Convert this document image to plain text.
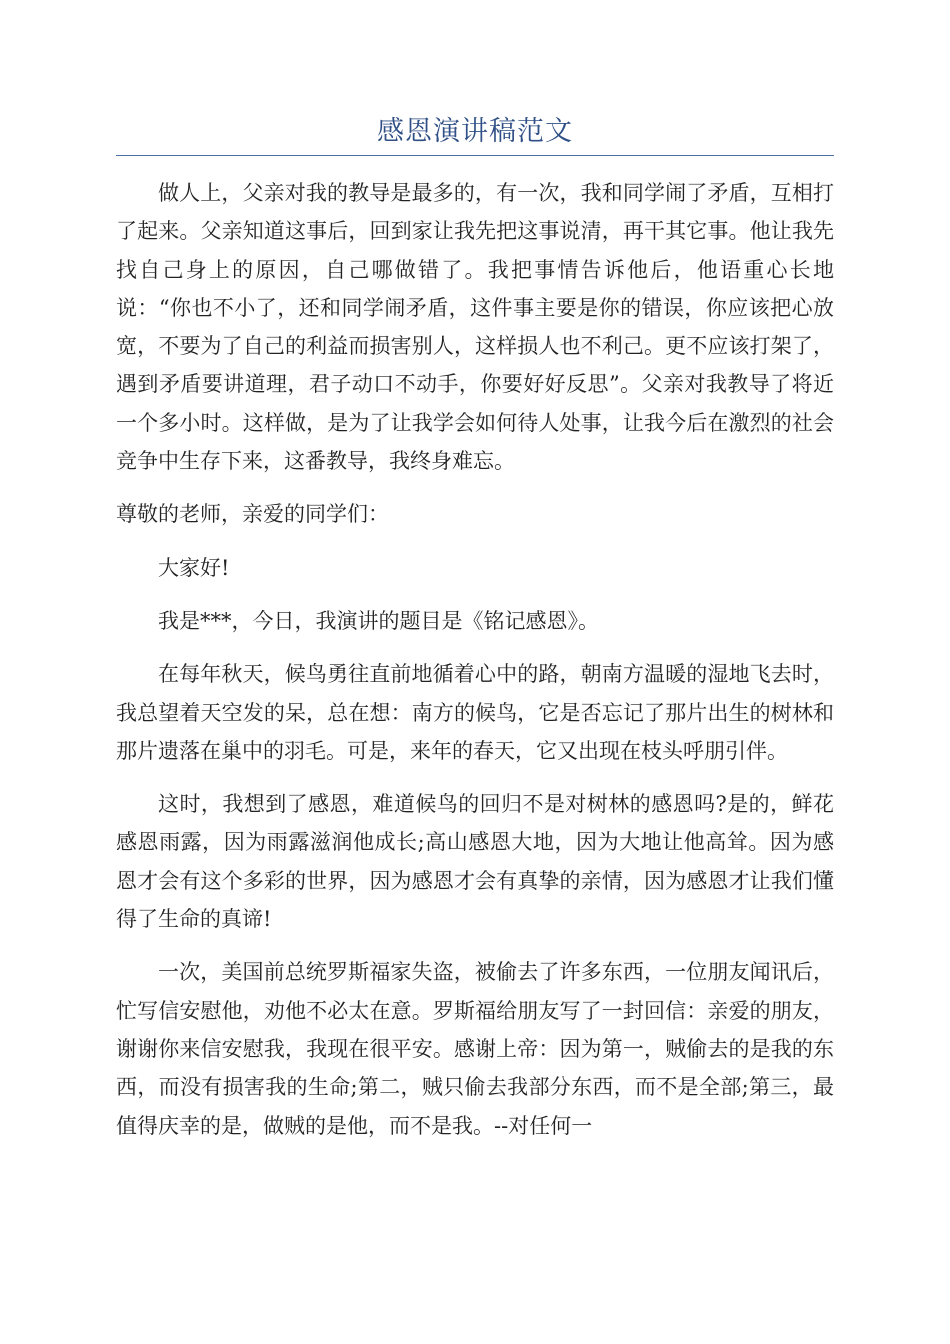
感恩演讲稿范文

做人上，父亲对我的教导是最多的，有一次，我和同学闹了矛盾，互相打了起来。父亲知道这事后，回到家让我先把这事说清，再干其它事。他让我先找自己身上的原因，自己哪做错了。我把事情告诉他后，他语重心长地说：“你也不小了，还和同学闹矛盾，这件事主要是你的错误，你应该把心放宽，不要为了自己的利益而损害别人，这样损人也不利己。更不应该打架了，遇到矛盾要讲道理，君子动口不动手，你要好好反思”。父亲对我教导了将近一个多小时。这样做，是为了让我学会如何待人处事，让我今后在激烈的社会竞争中生存下来，这番教导，我终身难忘。

尊敬的老师，亲爱的同学们：

大家好!

我是***，今日，我演讲的题目是《铭记感恩》。

在每年秋天，候鸟勇往直前地循着心中的路，朝南方温暖的湿地飞去时，我总望着天空发的呆，总在想：南方的候鸟，它是否忘记了那片出生的树林和那片遗落在巢中的羽毛。可是，来年的春天，它又出现在枝头呼朋引伴。

这时，我想到了感恩，难道候鸟的回归不是对树林的感恩吗?是的，鲜花感恩雨露，因为雨露滋润他成长;高山感恩大地，因为大地让他高耸。因为感恩才会有这个多彩的世界，因为感恩才会有真挚的亲情，因为感恩才让我们懂得了生命的真谛!

一次，美国前总统罗斯福家失盗，被偷去了许多东西，一位朋友闻讯后，忙写信安慰他，劝他不必太在意。罗斯福给朋友写了一封回信：亲爱的朋友，谢谢你来信安慰我，我现在很平安。感谢上帝：因为第一，贼偷去的是我的东西，而没有损害我的生命;第二，贼只偷去我部分东西，而不是全部;第三，最值得庆幸的是，做贼的是他，而不是我。--对任何一
